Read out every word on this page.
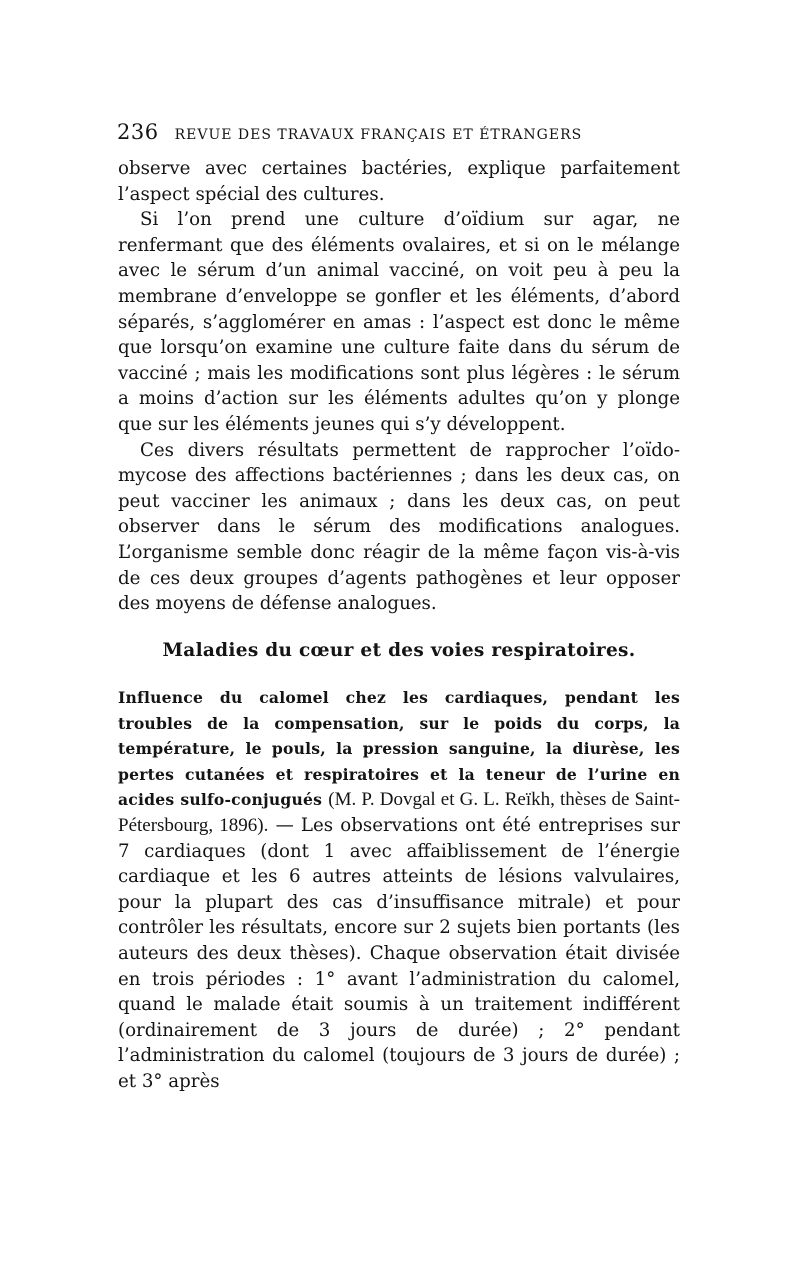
236 REVUE DES TRAVAUX FRANÇAIS ET ÉTRANGERS

observe avec certaines bactéries, explique parfaitement l’aspect spécial des cultures.

Si l’on prend une culture d’oïdium sur agar, ne renfermant que des éléments ovalaires, et si on le mélange avec le sérum d’un animal vacciné, on voit peu à peu la membrane d’enveloppe se gonfler et les éléments, d’abord séparés, s’agglomérer en amas : l’aspect est donc le même que lorsqu’on examine une culture faite dans du sérum de vacciné ; mais les modifications sont plus légères : le sérum a moins d’action sur les éléments adultes qu’on y plonge que sur les éléments jeunes qui s’y développent.

Ces divers résultats permettent de rapprocher l’oïdo-mycose des affections bactériennes ; dans les deux cas, on peut vacciner les animaux ; dans les deux cas, on peut observer dans le sérum des modifications analogues. L’organisme semble donc réagir de la même façon vis-à-vis de ces deux groupes d’agents pathogènes et leur opposer des moyens de défense analogues.

Maladies du cœur et des voies respiratoires.
Influence du calomel chez les cardiaques, pendant les troubles de la compensation, sur le poids du corps, la température, le pouls, la pression sanguine, la diurèse, les pertes cutanées et respiratoires et la teneur de l’urine en acides sulfo-conjugués (M. P. Dovgal et G. L. Reïkh, thèses de Saint-Pétersbourg, 1896). — Les observations ont été entreprises sur 7 cardiaques (dont 1 avec affaiblissement de l’énergie cardiaque et les 6 autres atteints de lésions valvulaires, pour la plupart des cas d’insuffisance mitrale) et pour contrôler les résultats, encore sur 2 sujets bien portants (les auteurs des deux thèses). Chaque observation était divisée en trois périodes : 1° avant l’administration du calomel, quand le malade était soumis à un traitement indifférent (ordinairement de 3 jours de durée) ; 2° pendant l’administration du calomel (toujours de 3 jours de durée) ; et 3° après
